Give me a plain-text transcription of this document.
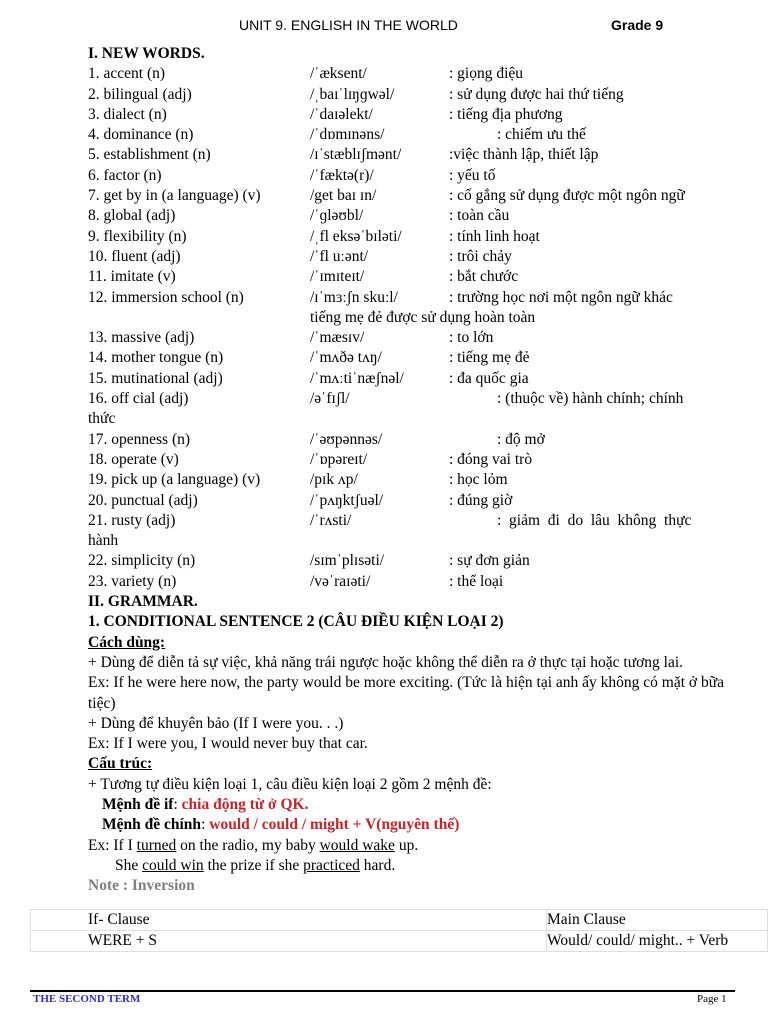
UNIT 9. ENGLISH IN THE WORLD	Grade 9
I. NEW WORDS.
1. accent (n)	/ˈæksent/	: giọng điệu
2. bilingual (adj)	/ˌbaɪˈlɪŋɡwəl/	: sử dụng được hai thứ tiếng
3. dialect (n)	/ˈdaɪəlekt/	: tiếng địa phương
4. dominance (n)	/ˈdɒmɪnəns/	: chiếm ưu thế
5. establishment (n)	/ɪˈstæblɪʃmənt/	:việc thành lập, thiết lập
6. factor (n)	/ˈfæktə(r)/	: yếu tố
7. get by in (a language) (v)	/get baɪ ɪn/	: cố gắng sử dụng được một ngôn ngữ
8. global (adj)	/ˈɡləʊbl/	: toàn cầu
9. flexibility (n)	/ˌfl eksəˈbɪləti/	: tính linh hoạt
10. fluent (adj)	/ˈfl uːənt/	: trôi chảy
11. imitate (v)	/ˈɪmɪteɪt/	: bắt chước
12. immersion school (n)	/ɪˈmɜːʃn skuːl/	: trường học nơi một ngôn ngữ khác
tiếng mẹ đẻ được sử dụng hoàn toàn
13. massive (adj)	/ˈmæsɪv/	: to lớn
14. mother tongue (n)	/ˈmʌðə tʌŋ/	: tiếng mẹ đẻ
15. mutinational (adj)	/ˈmʌːtiˈnæʃnəl/	: đa quốc gia
16. off cial (adj)	/əˈfɪʃl/	: (thuộc về) hành chính; chính
thức
17. openness (n)	/ˈəʊpənnəs/	: độ mở
18. operate (v)	/ˈɒpəreɪt/	: đóng vai trò
19. pick up (a language) (v)	/pɪk ʌp/	: học lỏm
20. punctual (adj)	/ˈpʌŋktʃuəl/	: đúng giờ
21. rusty (adj)	/ˈrʌsti/	:  giảm  đi  do  lâu  không  thực
hành
22. simplicity (n)	/sɪmˈplɪsəti/	: sự đơn giản
23. variety (n)	/vəˈraɪəti/	: thể loại
II. GRAMMAR.
1. CONDITIONAL SENTENCE 2 (CÂU ĐIỀU KIỆN LOẠI 2)
Cách dùng:
+ Dùng để diễn tả sự việc, khả năng trái ngược hoặc không thể diễn ra ở thực tại hoặc tương lai.
Ex: If he were here now, the party would be more exciting. (Tức là hiện tại anh ấy không có mặt ở bữa tiệc)
+ Dùng để khuyên bảo (If I were you. . .)
Ex: If I were you, I would never buy that car.
Cấu trúc:
+ Tương tự điều kiện loại 1, câu điều kiện loại 2 gồm 2 mệnh đề:
Mệnh đề if: chia động từ ở QK.
Mệnh đề chính: would / could / might + V(nguyên thế)
Ex: If I turned on the radio, my baby would wake up.
She could win the prize if she practiced hard.
Note : Inversion
If- Clause	Main Clause
WERE + S	Would/ could/ might.. + Verb
THE SECOND TERM	Page 1
